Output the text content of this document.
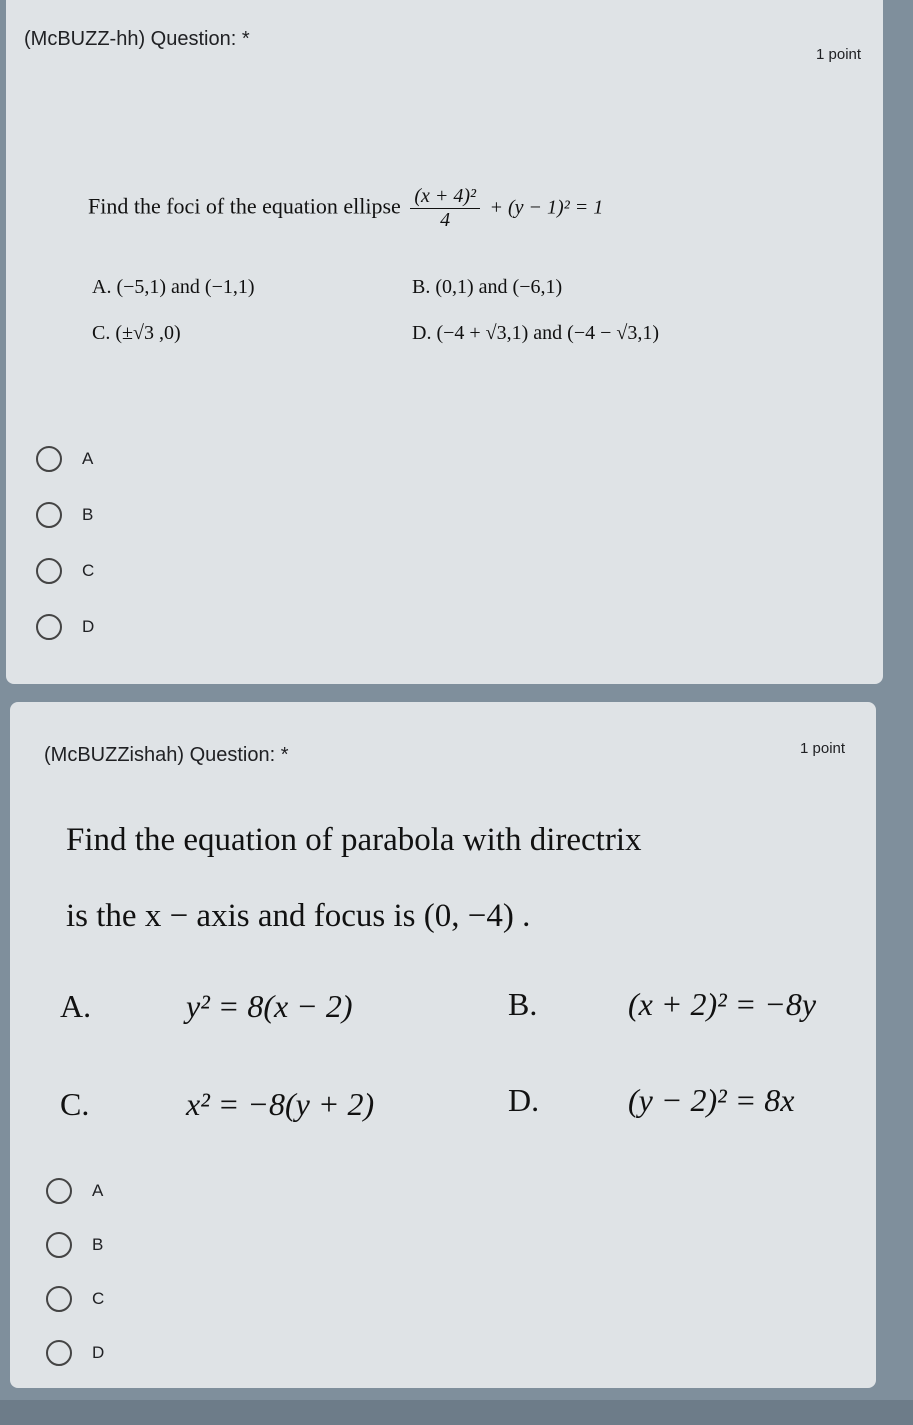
(McBUZZ-hh) Question: *
1 point
Find the foci of the equation ellipse $\frac{\text{(x + 4)²}}{4} + (y - 1)^2 = 1$
A. (−5,1) and (−1,1)	B. (0,1) and (−6,1)
C. (±√3 ,0)	D. (−4 + √3,1) and (−4 − √3,1)
A
B
C
D
(McBUZZishah) Question: *	1 point
Find the equation of parabola with directrix
is the x − axis and focus is (0, −4) .
A.	y² = 8(x − 2)	B.	(x + 2)² = −8y
C.	x² = −8(y + 2)	D.	(y − 2)² = 8x
A
B
C
D
